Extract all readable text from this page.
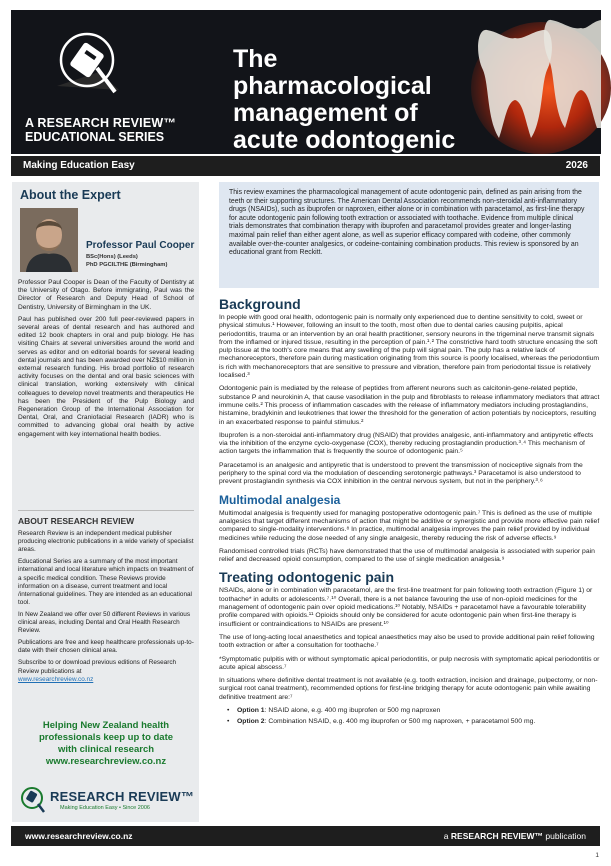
A RESEARCH REVIEW™
EDUCATIONAL SERIES
The pharmacological management of acute odontogenic
Making Education Easy	2026
About the Expert
Professor Paul Cooper
BSc(Hons) (Leeds)
PhD PGCILTHE (Birmingham)

Professor Paul Cooper is Dean of the Faculty of Dentistry at the University of Otago. Before immigrating, Paul was the Director of Research and Deputy Head of School of Dentistry, University of Birmingham in the UK.

Paul has published over 200 full peer-reviewed papers in several areas of dental research and has authored and edited 12 book chapters in oral and pulp biology. He has visiting Chairs at several universities around the world and serves as editor and on editorial boards for several leading dental journals and has been awarded over NZ$10 million in external research funding. His broad portfolio of research activity focuses on the dental and oral basic sciences with clinical translation, working extensively with clinical colleagues to develop novel treatments and therapeutics He has been the President of the Pulp Biology and Regeneration Group of the International Association for Dental, Oral, and Craniofacial Research (IADR) who is committed to advancing global oral health by active engagement with key international health bodies.

ABOUT RESEARCH REVIEW

Research Review is an independent medical publisher producing electronic publications in a wide variety of specialist areas.

Educational Series are a summary of the most important international and local literature which impacts on treatment of a specific medical condition. These Reviews provide information on a disease, current treatment and local /international guidelines. They are intended as an educational tool.

In New Zealand we offer over 50 different Reviews in various clinical areas, including Dental and Oral Health Research Review.

Publications are free and keep healthcare professionals up-to-date with their chosen clinical area.

Subscribe to or download previous editions of Research Review publications at
www.researchreview.co.nz

Helping New Zealand health
professionals keep up to date
with clinical research
www.researchreview.co.nz
RESEARCH REVIEW™
Making Education Easy • Since 2006
This review examines the pharmacological management of acute odontogenic pain, defined as pain arising from the teeth or their supporting structures. The American Dental Association recommends non-steroidal anti-inflammatory drugs (NSAIDs), such as ibuprofen or naproxen, either alone or in combination with paracetamol, as first-line therapy for acute odontogenic pain following tooth extraction or associated with toothache. Evidence from multiple clinical trials demonstrates that combination therapy with ibuprofen and paracetamol provides greater and longer-lasting maximal pain relief than either agent alone, as well as superior efficacy compared with codeine, other commonly available over-the-counter analgesics, or codeine-containing combination products. This review is sponsored by an educational grant from Reckitt.
Background

In people with good oral health, odontogenic pain is normally only experienced due to dentine sensitivity to cold, sweet or physical stimulus.¹ However, following an insult to the tooth, most often due to dental caries causing pulpitis, apical periodontitis, trauma or an intervention by an oral health practitioner, sensory neurons in the trigeminal nerve transmit signals from the inflamed or injured tissue, resulting in the perception of pain.¹˒² The constrictive hard tooth structure encasing the soft pulp tissue at the tooth's core means that any swelling of the pulp will signal pain. The pulp has a relative lack of mechanoreceptors, therefore pain during mastication originating from this source is poorly localised, whereas the periodontium is rich with mechanoreceptors that are sensitive to pressure and vibration, therefore pain from periodontal tissue is relatively localised.³

Odontogenic pain is mediated by the release of peptides from afferent neurons such as calcitonin-gene-related peptide, substance P and neurokinin A, that cause vasodilation in the pulp and fibroblasts to release inflammatory mediators that attract immune cells.² This process of inflammation cascades with the release of inflammatory mediators including prostaglandins, histamine, bradykinin and leukotrienes that lower the threshold for the generation of action potentials by nociceptors, resulting in an exacerbated response to painful stimulus.²

Ibuprofen is a non-steroidal anti-inflammatory drug (NSAID) that provides analgesic, anti-inflammatory and antipyretic effects via the inhibition of the enzyme cyclo-oxygenase (COX), thereby reducing prostaglandin production.³˒⁴ This mechanism of action targets the inflammation that is frequently the source of odontogenic pain.⁵

Paracetamol is an analgesic and antipyretic that is understood to prevent the transmission of nociceptive signals from the periphery to the spinal cord via the modulation of descending serotonergic pathways.³ Paracetamol is also understood to prevent prostaglandin synthesis via COX inhibition in the central nervous system, but not in the periphery.³˒⁶

Multimodal analgesia

Multimodal analgesia is frequently used for managing postoperative odontogenic pain.⁷ This is defined as the use of multiple analgesics that target different mechanisms of action that might be additive or synergistic and provide more effective pain relief compared to single-modality interventions.⁸ In practice, multimodal analgesia improves the pain relief provided by individual medicines while reducing the dose needed of any single analgesic, thereby reducing the risk of adverse effects.⁹

Randomised controlled trials (RCTs) have demonstrated that the use of multimodal analgesia is associated with superior pain relief and decreased opioid consumption, compared to the use of single medication analgesia.⁹

Treating odontogenic pain

NSAIDs, alone or in combination with paracetamol, are the first-line treatment for pain following tooth extraction (Figure 1) or toothache* in adults or adolescents.⁷˒¹⁰ Overall, there is a net balance favouring the use of non-opioid medicines for the management of odontogenic pain over opioid medications.¹⁰ Notably, NSAIDs + paracetamol have a favourable tolerability profile compared with opioids.¹¹ Opioids should only be considered for acute odontogenic pain when first-line therapy is insufficient or contraindications to NSAIDs are present.¹⁰

The use of long-acting local anaesthetics and topical anaesthetics may also be used to provide additional pain relief following tooth extraction or after a consultation for toothache.⁷

*Symptomatic pulpitis with or without symptomatic apical periodontitis, or pulp necrosis with symptomatic apical periodontitis or acute apical abscess.⁷

In situations where definitive dental treatment is not available (e.g. tooth extraction, incision and drainage, pulpectomy, or non-surgical root canal treatment), recommended options for first-line bridging therapy for acute odontogenic pain while awaiting definitive treatment are:⁷

• Option 1: NSAID alone, e.g. 400 mg ibuprofen or 500 mg naproxen
• Option 2: Combination NSAID, e.g. 400 mg ibuprofen or 500 mg naproxen, + paracetamol 500 mg.
www.researchreview.co.nz	a RESEARCH REVIEW™ publication
1
